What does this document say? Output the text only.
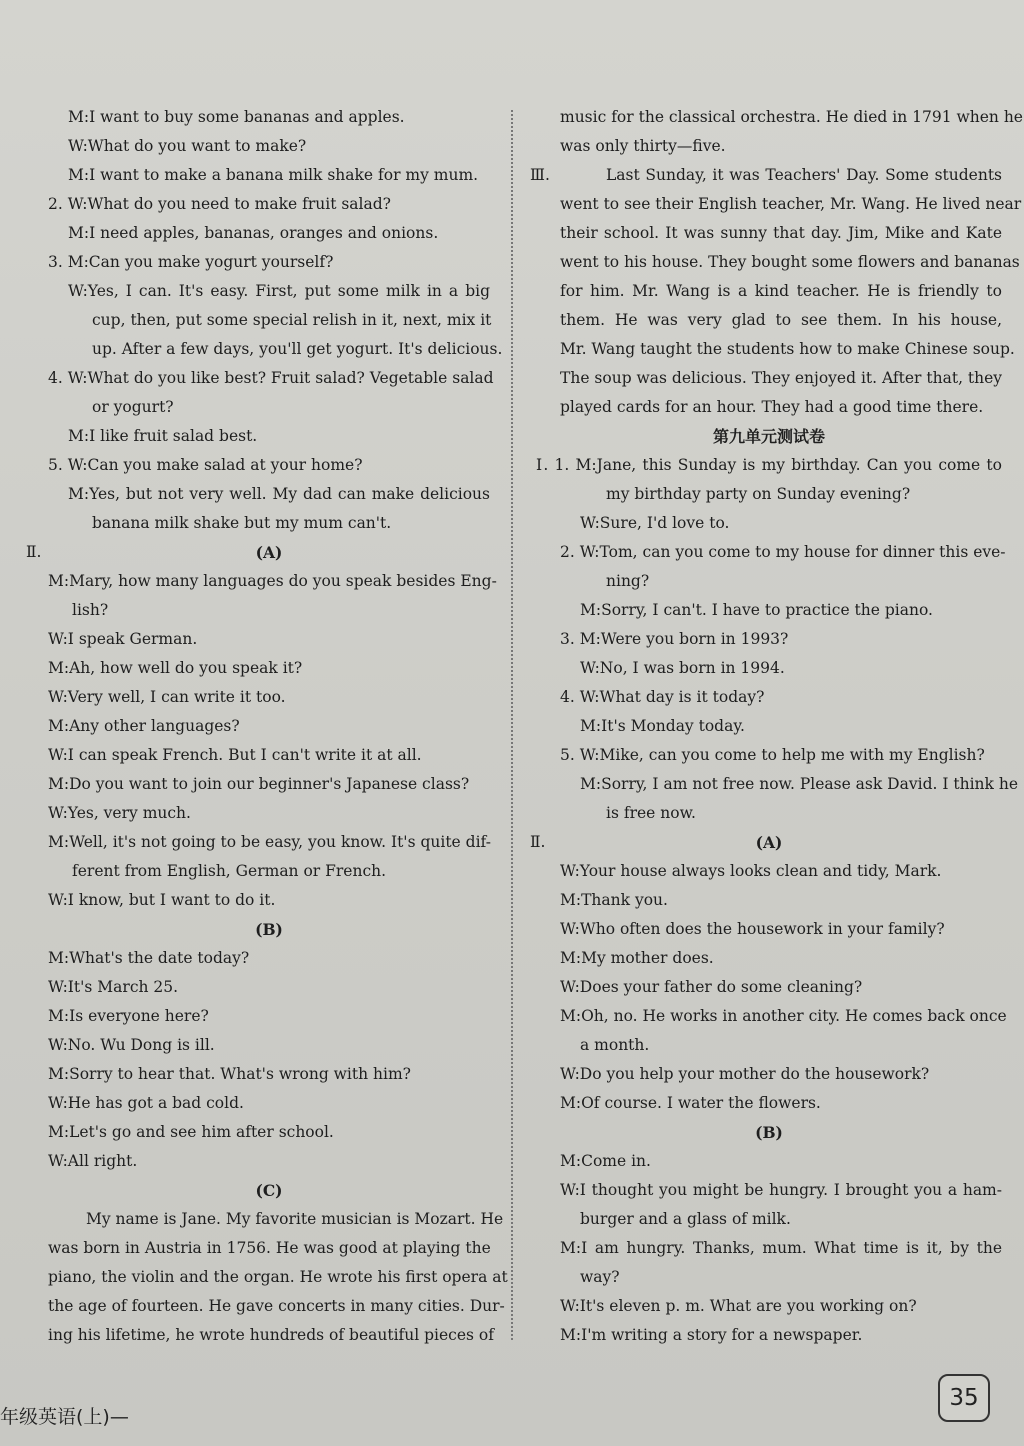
M:I want to buy some bananas and apples.
W:What do you want to make?
M:I want to make a banana milk shake for my mum.
2. W:What do you need to make fruit salad?
M:I need apples, bananas, oranges and onions.
3. M:Can you make yogurt yourself?
W:Yes, I can. It's easy. First, put some milk in a big
cup, then, put some special relish in it, next, mix it
up. After a few days, you'll get yogurt. It's delicious.
4. W:What do you like best? Fruit salad? Vegetable salad
or yogurt?
M:I like fruit salad best.
5. W:Can you make salad at your home?
M:Yes, but not very well. My dad can make delicious
banana milk shake but my mum can't.
Ⅱ.	(A)
M:Mary, how many languages do you speak besides Eng-
lish?
W:I speak German.
M:Ah, how well do you speak it?
W:Very well, I can write it too.
M:Any other languages?
W:I can speak French. But I can't write it at all.
M:Do you want to join our beginner's Japanese class?
W:Yes, very much.
M:Well, it's not going to be easy, you know. It's quite dif-
ferent from English, German or French.
W:I know, but I want to do it.
(B)
M:What's the date today?
W:It's March 25.
M:Is everyone here?
W:No. Wu Dong is ill.
M:Sorry to hear that. What's wrong with him?
W:He has got a bad cold.
M:Let's go and see him after school.
W:All right.
(C)
My name is Jane. My favorite musician is Mozart. He
was born in Austria in 1756. He was good at playing the
piano, the violin and the organ. He wrote his first opera at
the age of fourteen. He gave concerts in many cities. Dur-
ing his lifetime, he wrote hundreds of beautiful pieces of
music for the classical orchestra. He died in 1791 when he
was only thirty—five.
Ⅲ.	Last Sunday, it was Teachers' Day. Some students
went to see their English teacher, Mr. Wang. He lived near
their school. It was sunny that day. Jim, Mike and Kate
went to his house. They bought some flowers and bananas
for him. Mr. Wang is a kind teacher. He is friendly to
them. He was very glad to see them. In his house,
Mr. Wang taught the students how to make Chinese soup.
The soup was delicious. They enjoyed it. After that, they
played cards for an hour. They had a good time there.
第九单元测试卷
Ⅰ. 1. M:Jane, this Sunday is my birthday. Can you come to
my birthday party on Sunday evening?
W:Sure, I'd love to.
2. W:Tom, can you come to my house for dinner this eve-
ning?
M:Sorry, I can't. I have to practice the piano.
3. M:Were you born in 1993?
W:No, I was born in 1994.
4. W:What day is it today?
M:It's Monday today.
5. W:Mike, can you come to help me with my English?
M:Sorry, I am not free now. Please ask David. I think he
is free now.
Ⅱ.	(A)
W:Your house always looks clean and tidy, Mark.
M:Thank you.
W:Who often does the housework in your family?
M:My mother does.
W:Does your father do some cleaning?
M:Oh, no. He works in another city. He comes back once
a month.
W:Do you help your mother do the housework?
M:Of course. I water the flowers.
(B)
M:Come in.
W:I thought you might be hungry. I brought you a ham-
burger and a glass of milk.
M:I am hungry. Thanks, mum. What time is it, by the
way?
W:It's eleven p. m. What are you working on?
M:I'm writing a story for a newspaper.
年级英语(上)—
35
